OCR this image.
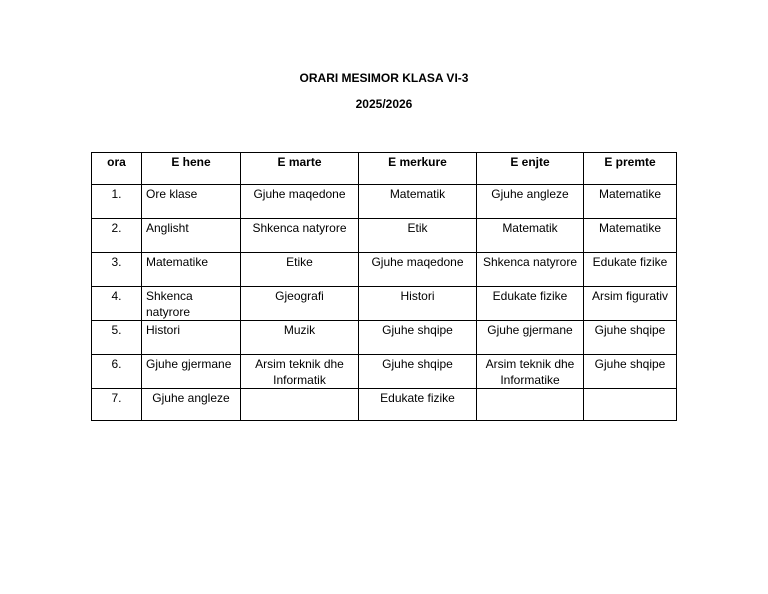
ORARI MESIMOR KLASA VI-3
2025/2026
ora	E hene	E marte	E merkure	E enjte	E premte
1.	Ore klase	Gjuhe maqedone	Matematik	Gjuhe angleze	Matematike
2.	Anglisht	Shkenca natyrore	Etik	Matematik	Matematike
3.	Matematike	Etike	Gjuhe maqedone	Shkenca natyrore	Edukate fizike
4.	Shkenca natyrore	Gjeografi	Histori	Edukate fizike	Arsim figurativ
5.	Histori	Muzik	Gjuhe shqipe	Gjuhe gjermane	Gjuhe shqipe
6.	Gjuhe gjermane	Arsim teknik dhe Informatik	Gjuhe shqipe	Arsim teknik dhe Informatike	Gjuhe shqipe
7.	Gjuhe angleze		Edukate fizike		
